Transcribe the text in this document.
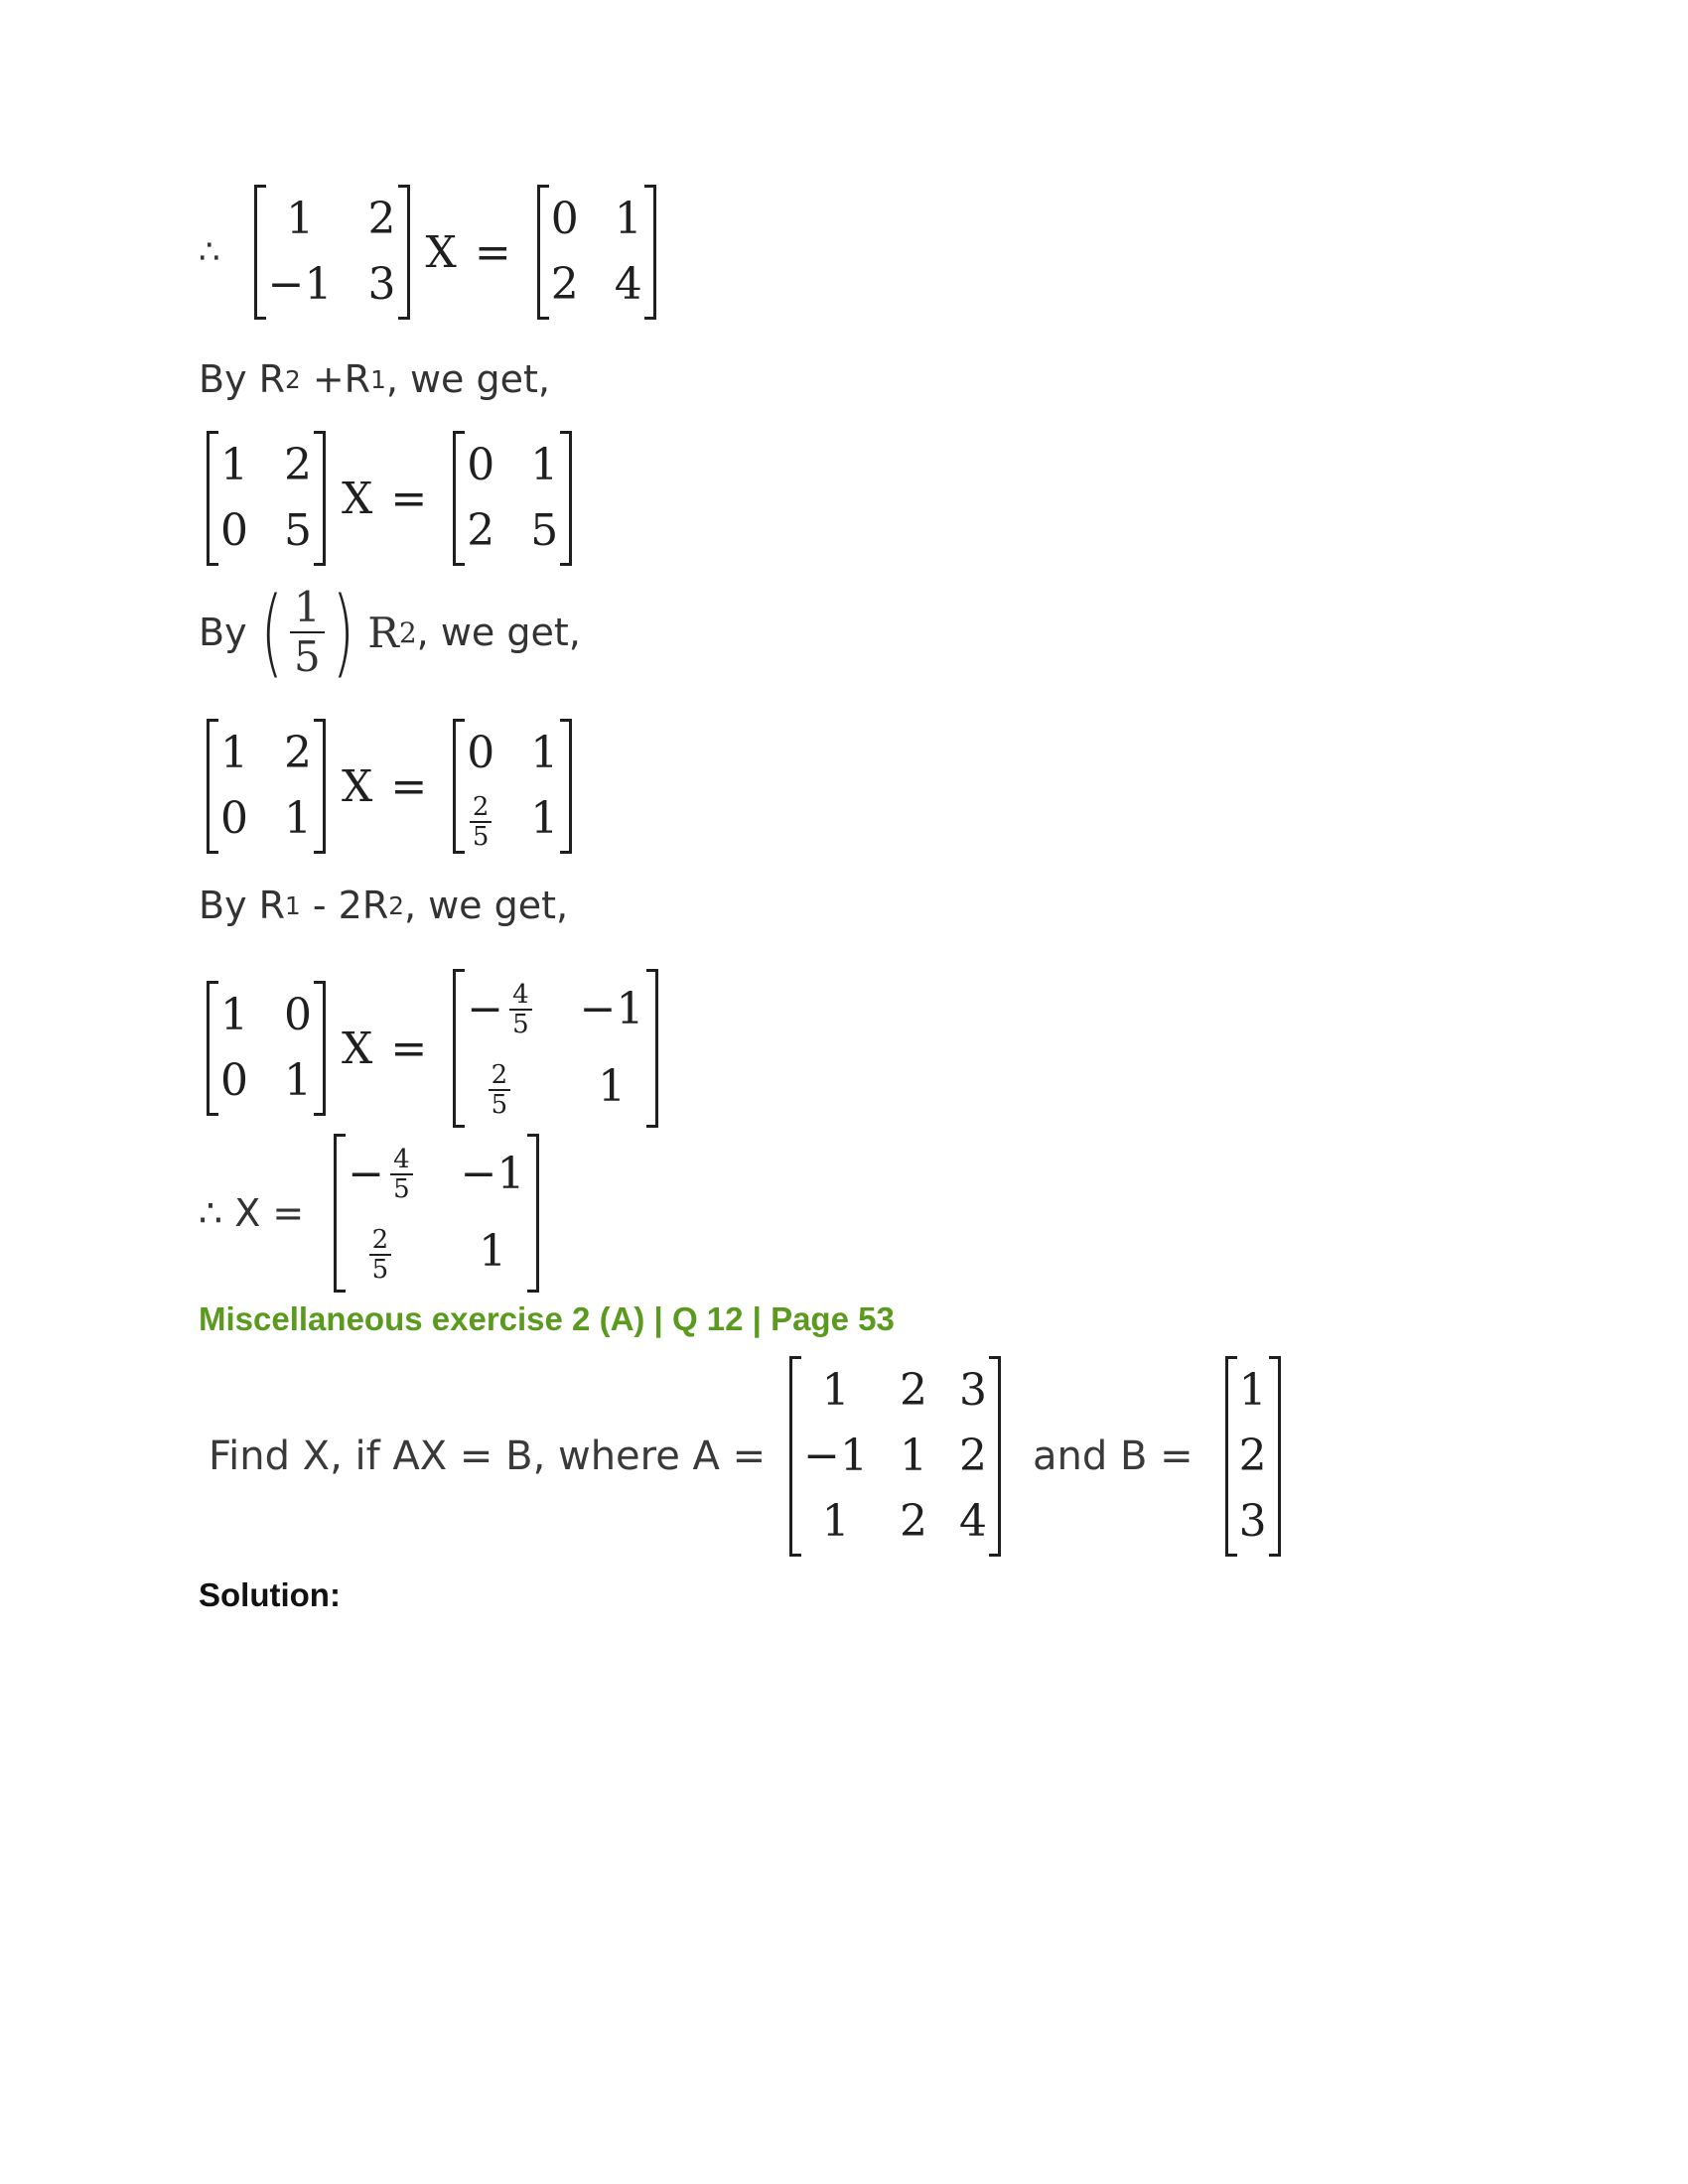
∴
1 2
−1 3
X =
0 1
2 4
By R 2 +R 1 , we get,
1 2
0 5
X =
0 1
2 5
By ( $\frac{1}{5}$ ) R 2 , we get,
1 2
0 1
X =
0 1
$\frac{2}{5} 1$
By R 1 - 2R 2 , we get,
1 0
0 1
X =
− $\frac{4}{5} -1$
$\frac{2}{5} 1$
∴ X =
− $\frac{4}{5} -1$
$\frac{2}{5} 1$
Miscellaneous exercise 2 (A) | Q 12 | Page 53
Find X, if AX = B, where A =
1 2 3
−1 1 2
1 2 4
and B =
1
2
3
Solution:
